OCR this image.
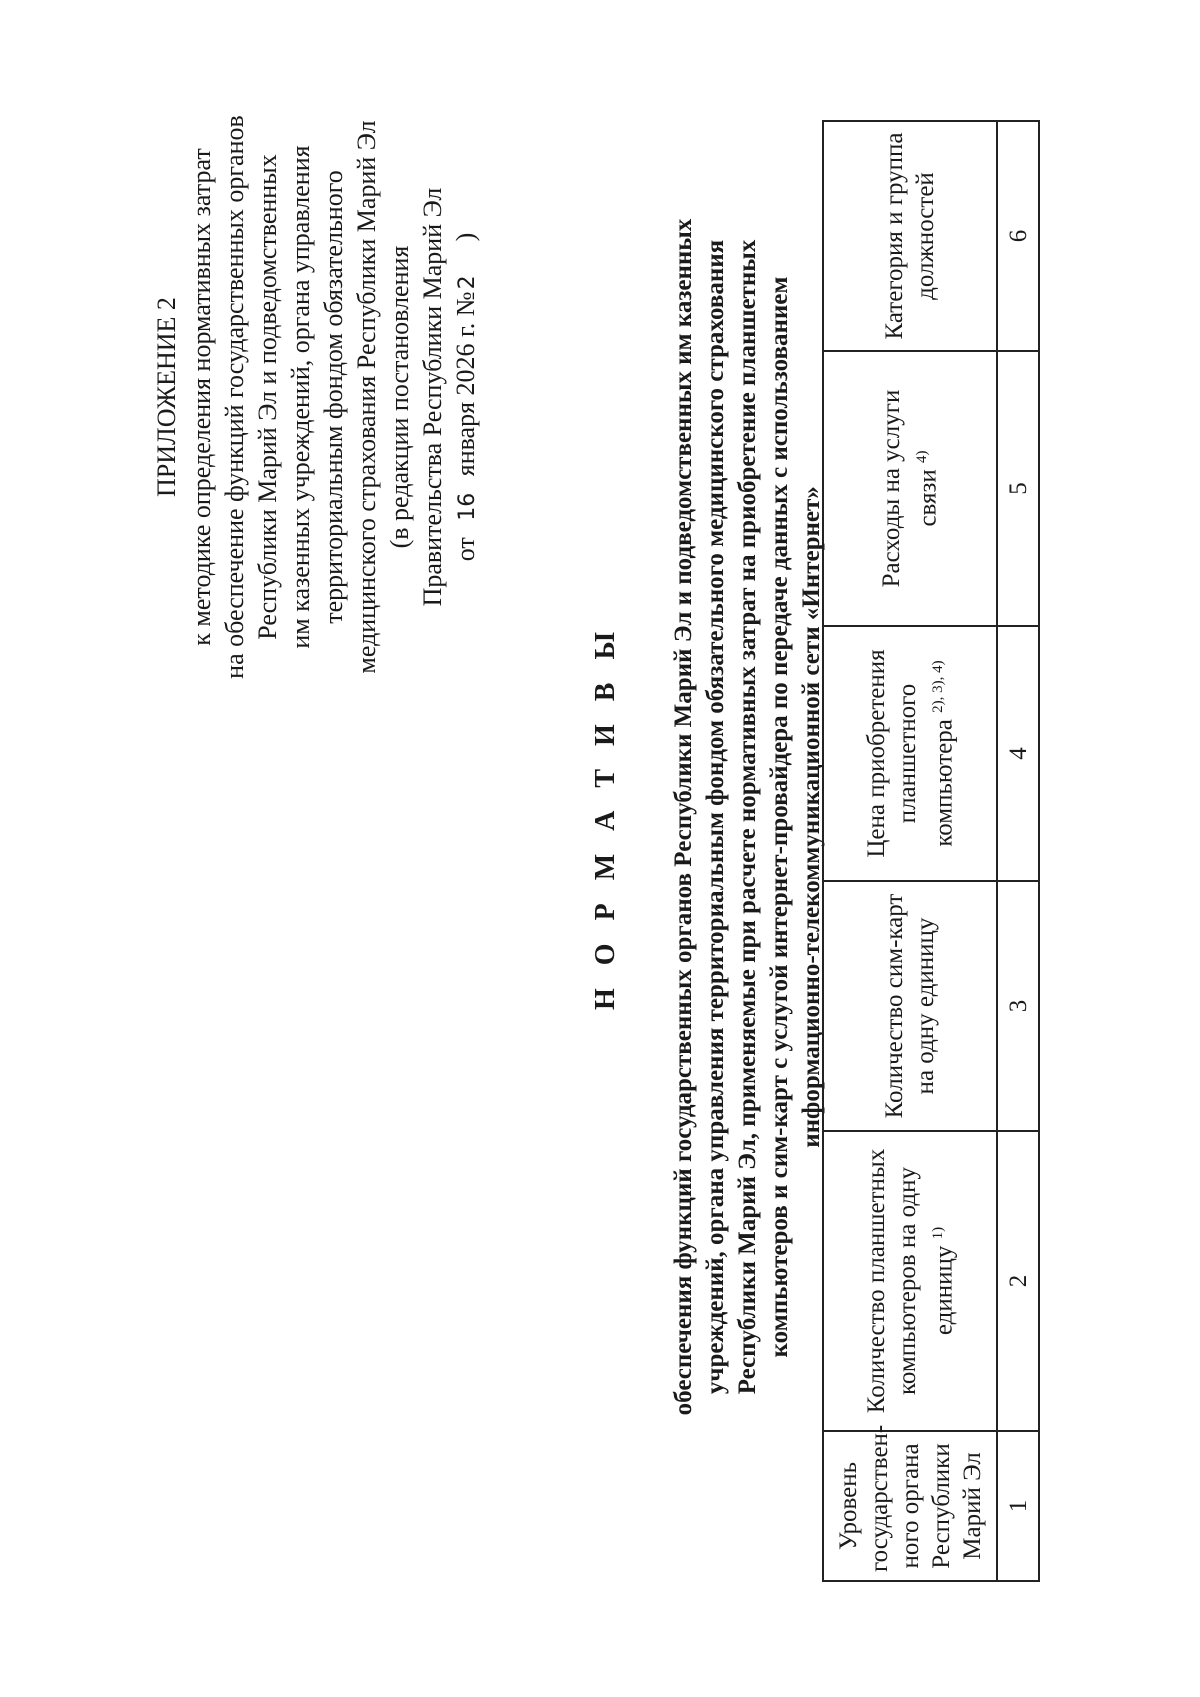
ПРИЛОЖЕНИЕ 2 к методике определения нормативных затрат на обеспечение функций государственных органов Республики Марий Эл и подведомственных им казенных учреждений, органа управления территориальным фондом обязательного медицинского страхования Республики Марий Эл (в редакции постановления Правительства Республики Марий Эл от 16 января 2026 г. №2)
Н О Р М А Т И В Ы обеспечения функций государственных органов Республики Марий Эл и подведомственных им казенных учреждений, органа управления территориальным фондом обязательного медицинского страхования Республики Марий Эл, применяемые при расчете нормативных затрат на приобретение планшетных компьютеров и сим-карт с услугой интернет-провайдера по передаче данных с использованием информационно-телекоммуникационной сети «Интернет»
Уровень государствен-ного органа Республики Марий Эл	Количество планшетных компьютеров на одну единицу $^{1)}$	Количество сим-карт на одну единицу	Цена приобретения планшетного компьютера $^{2), 3), 4)}$	Расходы на услуги связи $^{4)}$	Категория и группа должностей
1	2	3	4	5	6
